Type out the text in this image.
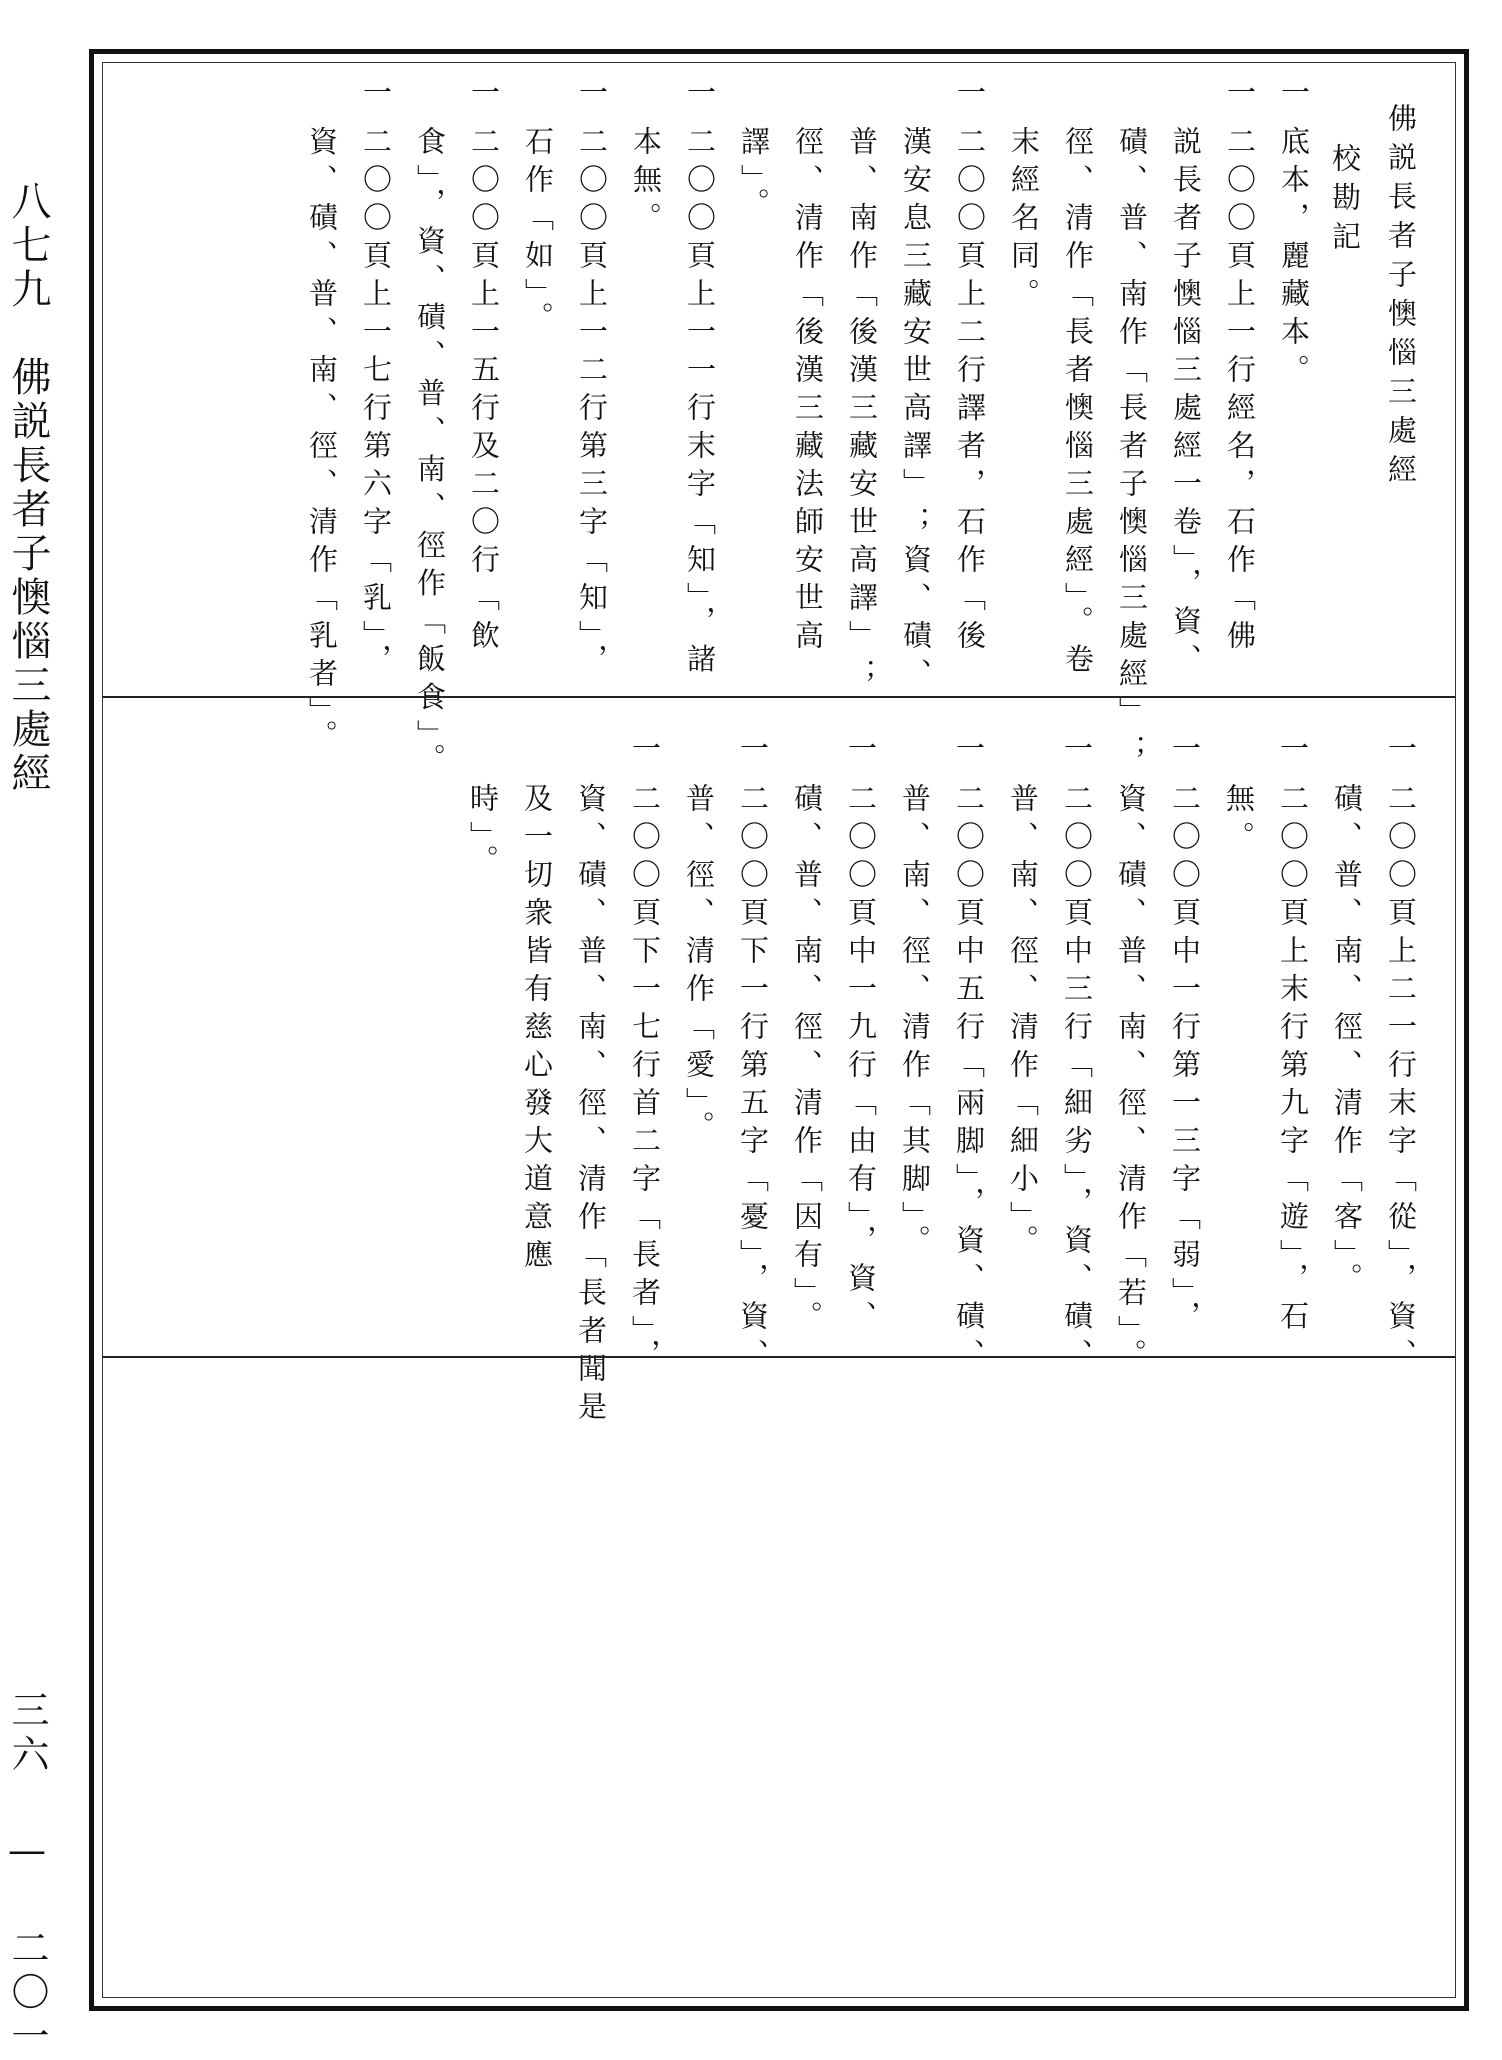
八七九　佛説長者子懊惱三處經
三六 — 二〇一
佛説長者子懊惱三處經
校勘記
一
底本，麗藏本。
一
二〇〇頁上一行經名，石作「佛
説長者子懊惱三處經一卷」，資、
磧、普、南作「長者子懊惱三處經」；
徑、清作「長者懊惱三處經」。卷
末經名同。
一
二〇〇頁上二行譯者，石作「後
漢安息三藏安世高譯」；資、磧、
普、南作「後漢三藏安世高譯」；
徑、清作「後漢三藏法師安世高
譯」。
一
二〇〇頁上一一行末字「知」，諸
本無。
一
二〇〇頁上一二行第三字「知」，
石作「如」。
一
二〇〇頁上一五行及二〇行「飲
食」，資、磧、普、南、徑作「飯食」。
一
二〇〇頁上一七行第六字「乳」，
資、磧、普、南、徑、清作「乳者」。	一
二〇〇頁上二一行末字「從」，資、
磧、普、南、徑、清作「客」。
一
二〇〇頁上末行第九字「遊」，石
無。
一
二〇〇頁中一行第一三字「弱」，
資、磧、普、南、徑、清作「若」。
一
二〇〇頁中三行「細劣」，資、磧、
普、南、徑、清作「細小」。
一
二〇〇頁中五行「兩脚」，資、磧、
普、南、徑、清作「其脚」。
一
二〇〇頁中一九行「由有」，資、
磧、普、南、徑、清作「因有」。
一
二〇〇頁下一行第五字「憂」，資、
普、徑、清作「愛」。
一
二〇〇頁下一七行首二字「長者」，
資、磧、普、南、徑、清作「長者聞是
及一切衆皆有慈心發大道意應
時」。
